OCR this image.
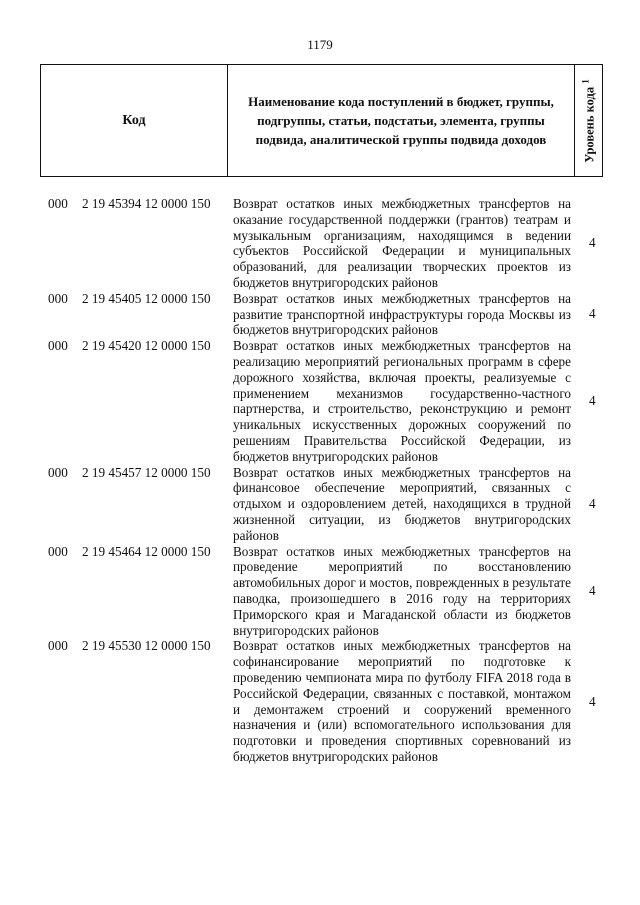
1179
Код
Наименование кода поступлений в бюджет, группы, подгруппы, статьи, подстатьи, элемента, группы подвида, аналитической группы подвида доходов	Уровень кода $^1$
000 2 19 45394 12 0000 150 Возврат остатков иных межбюджетных трансфертов на оказание государственной поддержки (грантов) театрам и музыкальным организациям, находящимся в ведении субъектов Российской Федерации и муниципальных образований, для реализации творческих проектов из бюджетов внутригородских районов
4
000 2 19 45405 12 0000 150 Возврат остатков иных межбюджетных трансфертов на развитие транспортной инфраструктуры города Москвы из бюджетов внутригородских районов
4
000 2 19 45420 12 0000 150 Возврат остатков иных межбюджетных трансфертов на реализацию мероприятий региональных программ в сфере дорожного хозяйства, включая проекты, реализуемые с применением механизмов государственно-частного партнерства, и строительство, реконструкцию и ремонт уникальных искусственных дорожных сооружений по решениям Правительства Российской Федерации, из бюджетов внутригородских районов
4
000 2 19 45457 12 0000 150 Возврат остатков иных межбюджетных трансфертов на финансовое обеспечение мероприятий, связанных с отдыхом и оздоровлением детей, находящихся в трудной жизненной ситуации, из бюджетов внутригородских районов
4
000 2 19 45464 12 0000 150 Возврат остатков иных межбюджетных трансфертов на проведение мероприятий по восстановлению автомобильных дорог и мостов, поврежденных в результате паводка, произошедшего в 2016 году на территориях Приморского края и Магаданской области из бюджетов внутригородских районов
4
000 2 19 45530 12 0000 150 Возврат остатков иных межбюджетных трансфертов на софинансирование мероприятий по подготовке к проведению чемпионата мира по футболу FIFA 2018 года в Российской Федерации, связанных с поставкой, монтажом и демонтажем строений и сооружений временного назначения и (или) вспомогательного использования для подготовки и проведения спортивных соревнований из бюджетов внутригородских районов
4
